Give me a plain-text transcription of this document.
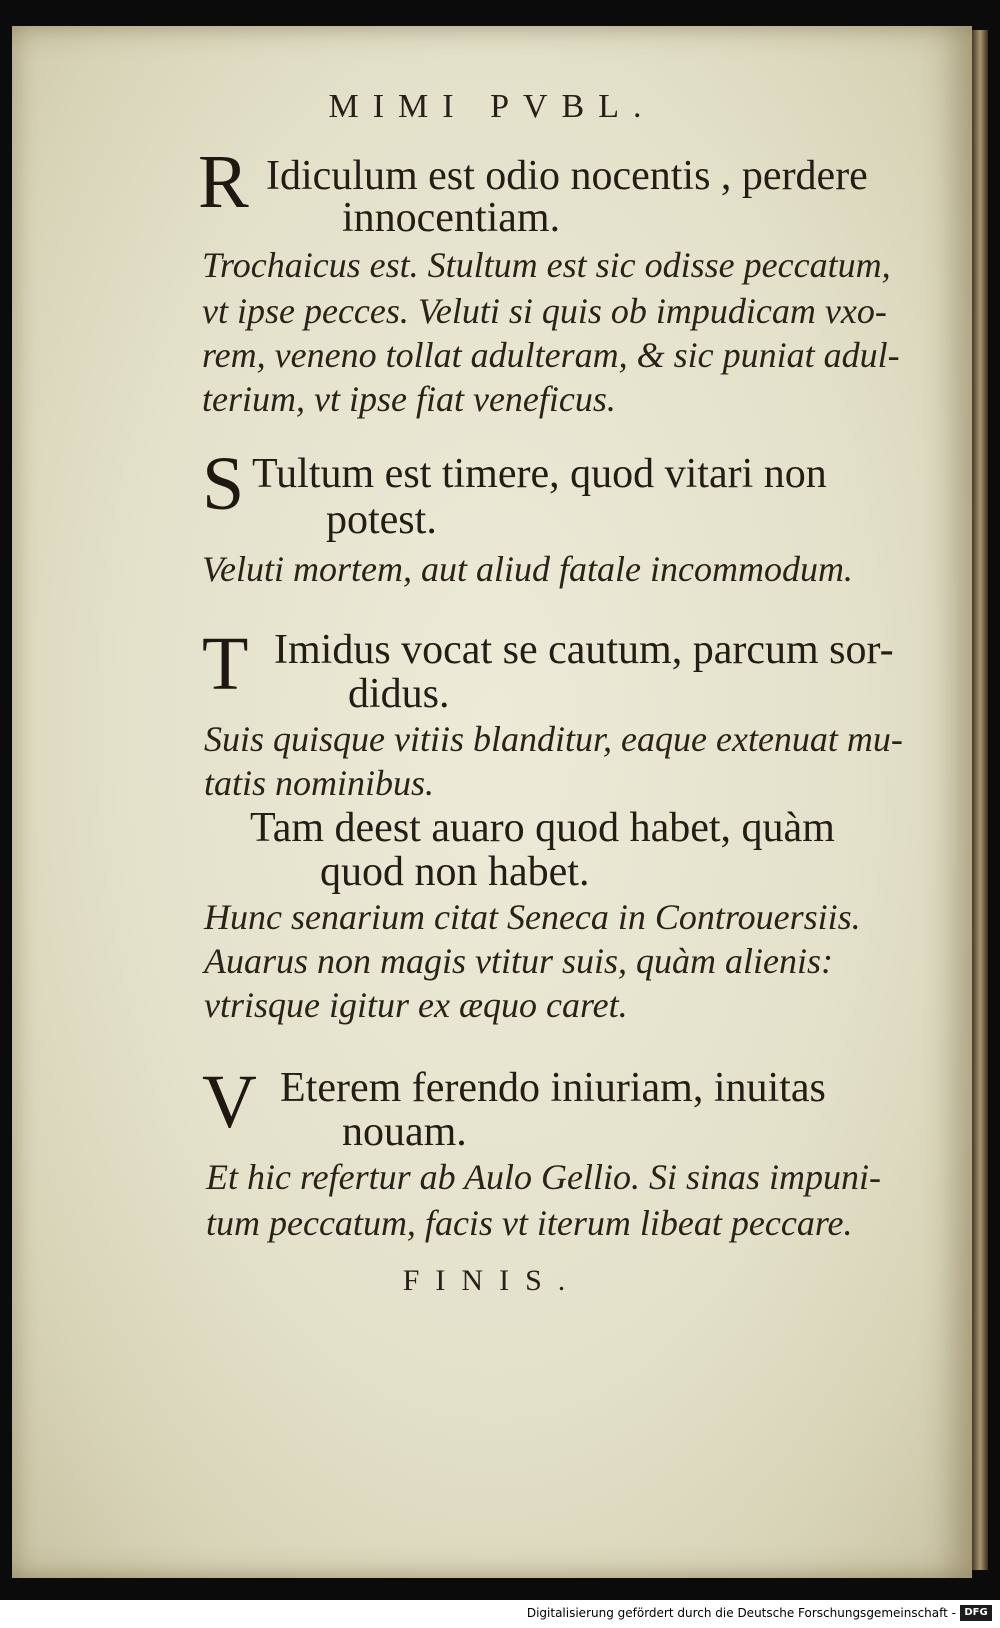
MIMI PVBL.
R Idiculum est odio nocentis , perdere
innocentiam.
Trochaicus est. Stultum est sic odisse peccatum,
vt ipse pecces. Veluti si quis ob impudicam vxo-
rem, veneno tollat adulteram, & sic puniat adul-
terium, vt ipse fiat veneficus.
S Tultum est timere, quod vitari non
potest.
Veluti mortem, aut aliud fatale incommodum.
T Imidus vocat se cautum, parcum sor-
didus.
Suis quisque vitiis blanditur, eaque extenuat mu-
tatis nominibus.
Tam deest auaro quod habet, quàm
quod non habet.
Hunc senarium citat Seneca in Controuersiis.
Auarus non magis vtitur suis, quàm alienis:
vtrisque igitur ex æquo caret.
V Eterem ferendo iniuriam, inuitas
nouam.
Et hic refertur ab Aulo Gellio. Si sinas impuni-
tum peccatum, facis vt iterum libeat peccare.
FINIS.
Digitalisierung gefördert durch die Deutsche Forschungsgemeinschaft - DFG
